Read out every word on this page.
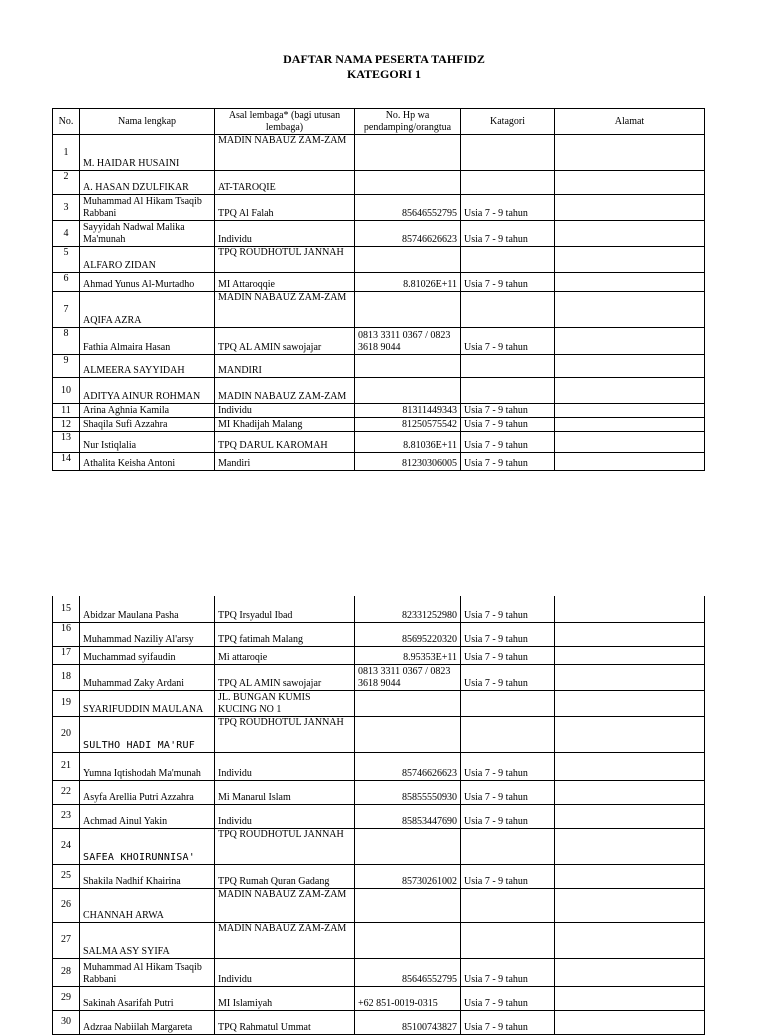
DAFTAR NAMA PESERTA TAHFIDZ
KATEGORI 1
No.	Nama lengkap	Asal lembaga* (bagi utusan lembaga)	No. Hp wa pendamping/orangtua	Katagori	Alamat
1	M. HAIDAR HUSAINI	MADIN NABAUZ ZAM-ZAM			
2	A. HASAN DZULFIKAR	AT-TAROQIE			
3	Muhammad Al Hikam Tsaqib Rabbani	TPQ Al Falah	85646552795	Usia 7 - 9 tahun	
4	Sayyidah Nadwal Malika Ma'munah	Individu	85746626623	Usia 7 - 9 tahun	
5	ALFARO ZIDAN	TPQ ROUDHOTUL JANNAH			
6	Ahmad Yunus Al-Murtadho	MI Attaroqqie	8.81026E+11	Usia 7 - 9 tahun	
7	AQIFA AZRA	MADIN NABAUZ ZAM-ZAM			
8	Fathia Almaira Hasan	TPQ AL AMIN sawojajar	0813 3311 0367 / 0823 3618 9044	Usia 7 - 9 tahun	
9	ALMEERA SAYYIDAH	MANDIRI			
10	ADITYA AINUR ROHMAN	MADIN NABAUZ ZAM-ZAM			
11	Arina Aghnia Kamila	Individu	81311449343	Usia 7 - 9 tahun	
12	Shaqila Sufi Azzahra	MI Khadijah Malang	81250575542	Usia 7 - 9 tahun	
13	Nur Istiqlalia	TPQ DARUL KAROMAH	8.81036E+11	Usia 7 - 9 tahun	
14	Athalita Keisha Antoni	Mandiri	81230306005	Usia 7 - 9 tahun	
15	Abidzar Maulana Pasha	TPQ Irsyadul Ibad	82331252980	Usia 7 - 9 tahun	
16	Muhammad Naziliy Al'arsy	TPQ fatimah Malang	85695220320	Usia 7 - 9 tahun	
17	Muchammad syifaudin	Mi attaroqie	8.95353E+11	Usia 7 - 9 tahun	
18	Muhammad Zaky Ardani	TPQ AL AMIN sawojajar	0813 3311 0367 / 0823 3618 9044	Usia 7 - 9 tahun	
19	SYARIFUDDIN MAULANA	JL. BUNGAN KUMIS KUCING NO 1			
20	SULTHO HADI MA'RUF	TPQ ROUDHOTUL JANNAH			
21	Yumna Iqtishodah Ma'munah	Individu	85746626623	Usia 7 - 9 tahun	
22	Asyfa Arellia Putri Azzahra	Mi Manarul Islam	85855550930	Usia 7 - 9 tahun	
23	Achmad Ainul Yakin	Individu	85853447690	Usia 7 - 9 tahun	
24	SAFEA KHOIRUNNISA'	TPQ ROUDHOTUL JANNAH			
25	Shakila Nadhif Khairina	TPQ Rumah Quran Gadang	85730261002	Usia 7 - 9 tahun	
26	CHANNAH ARWA	MADIN NABAUZ ZAM-ZAM			
27	SALMA ASY SYIFA	MADIN NABAUZ ZAM-ZAM			
28	Muhammad Al Hikam Tsaqib Rabbani	Individu	85646552795	Usia 7 - 9 tahun	
29	Sakinah Asarifah Putri	MI Islamiyah	+62 851-0019-0315	Usia 7 - 9 tahun	
30	Adzraa Nabiilah Margareta	TPQ Rahmatul Ummat	85100743827	Usia 7 - 9 tahun	
